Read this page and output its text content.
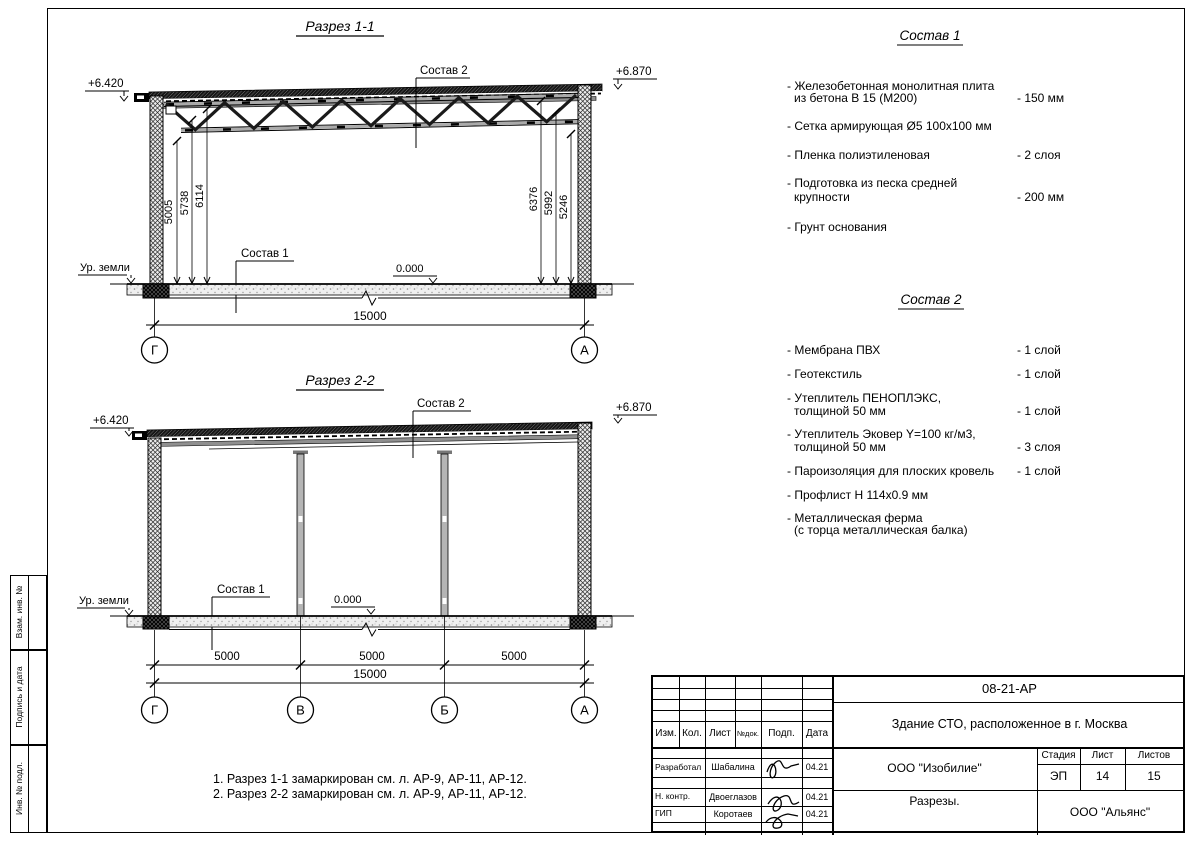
Взам. инв. №
Подпись и дата
Инв. № подл.
Разрез 1-1
+6.420
+6.870
Состав 2
Состав 1
0.000
Ур. земли
5005 5738 6114	6376 5992 5246
15000
Г	А
Разрез 2-2
+6.420
+6.870
Состав 2
Состав 1
0.000
Ур. земли
5000	5000	5000
15000
Г	В	Б	А
Состав 1
- Железобетонная монолитная плита
из бетона В 15 (М200)	- 150 мм
- Сетка армирующая Ø5 100х100 мм
- Пленка полиэтиленовая	- 2 слоя
- Подготовка из песка средней
крупности	- 200 мм
- Грунт основания
Состав 2
- Мембрана ПВХ	- 1 слой
- Геотекстиль	- 1 слой
- Утеплитель ПЕНОПЛЭКС,
толщиной 50 мм	- 1 слой
- Утеплитель Эковер Y=100 кг/м3,
толщиной 50 мм	- 3 слоя
- Пароизоляция для плоских кровель - 1 слой
- Профлист Н 114х0.9 мм
- Металлическая ферма
(с торца металлическая балка)
1. Разрез 1-1 замаркирован см. л. АР-9, АР-11, АР-12.
2. Разрез 2-2 замаркирован см. л. АР-9, АР-11, АР-12.
Изм. Кол. Лист №док. Подп.	Дата
Разработал	Шабалина	04.21
Н. контр.	Двоеглазов	04.21
ГИП	Коротаев	04.21
08-21-АР
Здание СТО, расположенное в г. Москва
ООО "Изобилие"
Стадия	Лист	Листов
ЭП	14	15
Разрезы.
ООО "Альянс"
